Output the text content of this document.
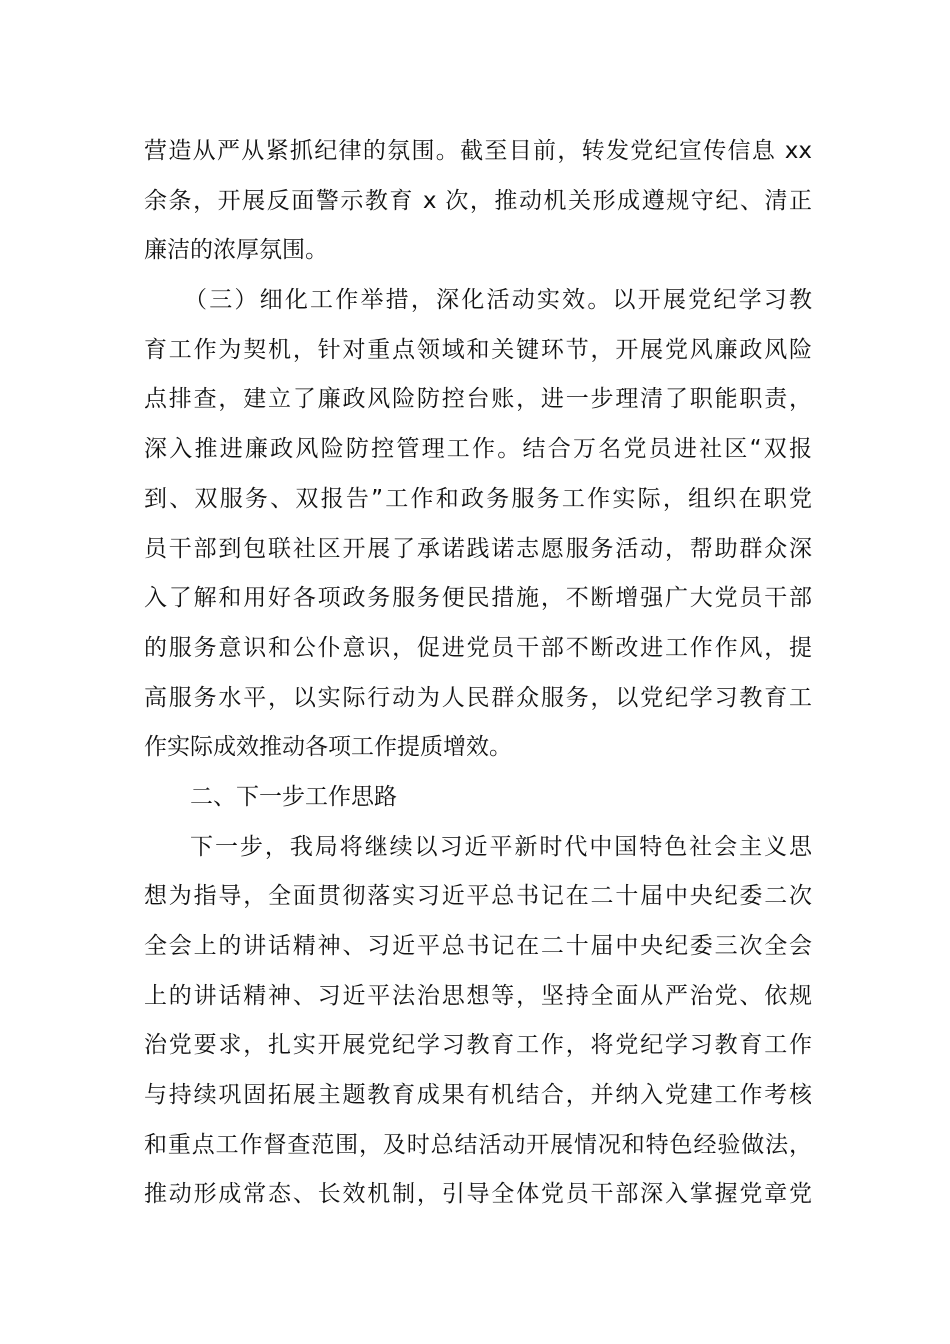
营造从严从紧抓纪律的氛围。截至目前，转发党纪宣传信息 xx
余条，开展反面警示教育 x 次，推动机关形成遵规守纪、清正
廉洁的浓厚氛围。
（三）细化工作举措，深化活动实效。以开展党纪学习教
育工作为契机，针对重点领域和关键环节，开展党风廉政风险
点排查，建立了廉政风险防控台账，进一步理清了职能职责，
深入推进廉政风险防控管理工作。结合万名党员进社区“双报
到、双服务、双报告”工作和政务服务工作实际，组织在职党
员干部到包联社区开展了承诺践诺志愿服务活动，帮助群众深
入了解和用好各项政务服务便民措施，不断增强广大党员干部
的服务意识和公仆意识，促进党员干部不断改进工作作风，提
高服务水平，以实际行动为人民群众服务，以党纪学习教育工
作实际成效推动各项工作提质增效。
二、下一步工作思路
下一步，我局将继续以习近平新时代中国特色社会主义思
想为指导，全面贯彻落实习近平总书记在二十届中央纪委二次
全会上的讲话精神、习近平总书记在二十届中央纪委三次全会
上的讲话精神、习近平法治思想等，坚持全面从严治党、依规
治党要求，扎实开展党纪学习教育工作，将党纪学习教育工作
与持续巩固拓展主题教育成果有机结合，并纳入党建工作考核
和重点工作督查范围，及时总结活动开展情况和特色经验做法，
推动形成常态、长效机制，引导全体党员干部深入掌握党章党
